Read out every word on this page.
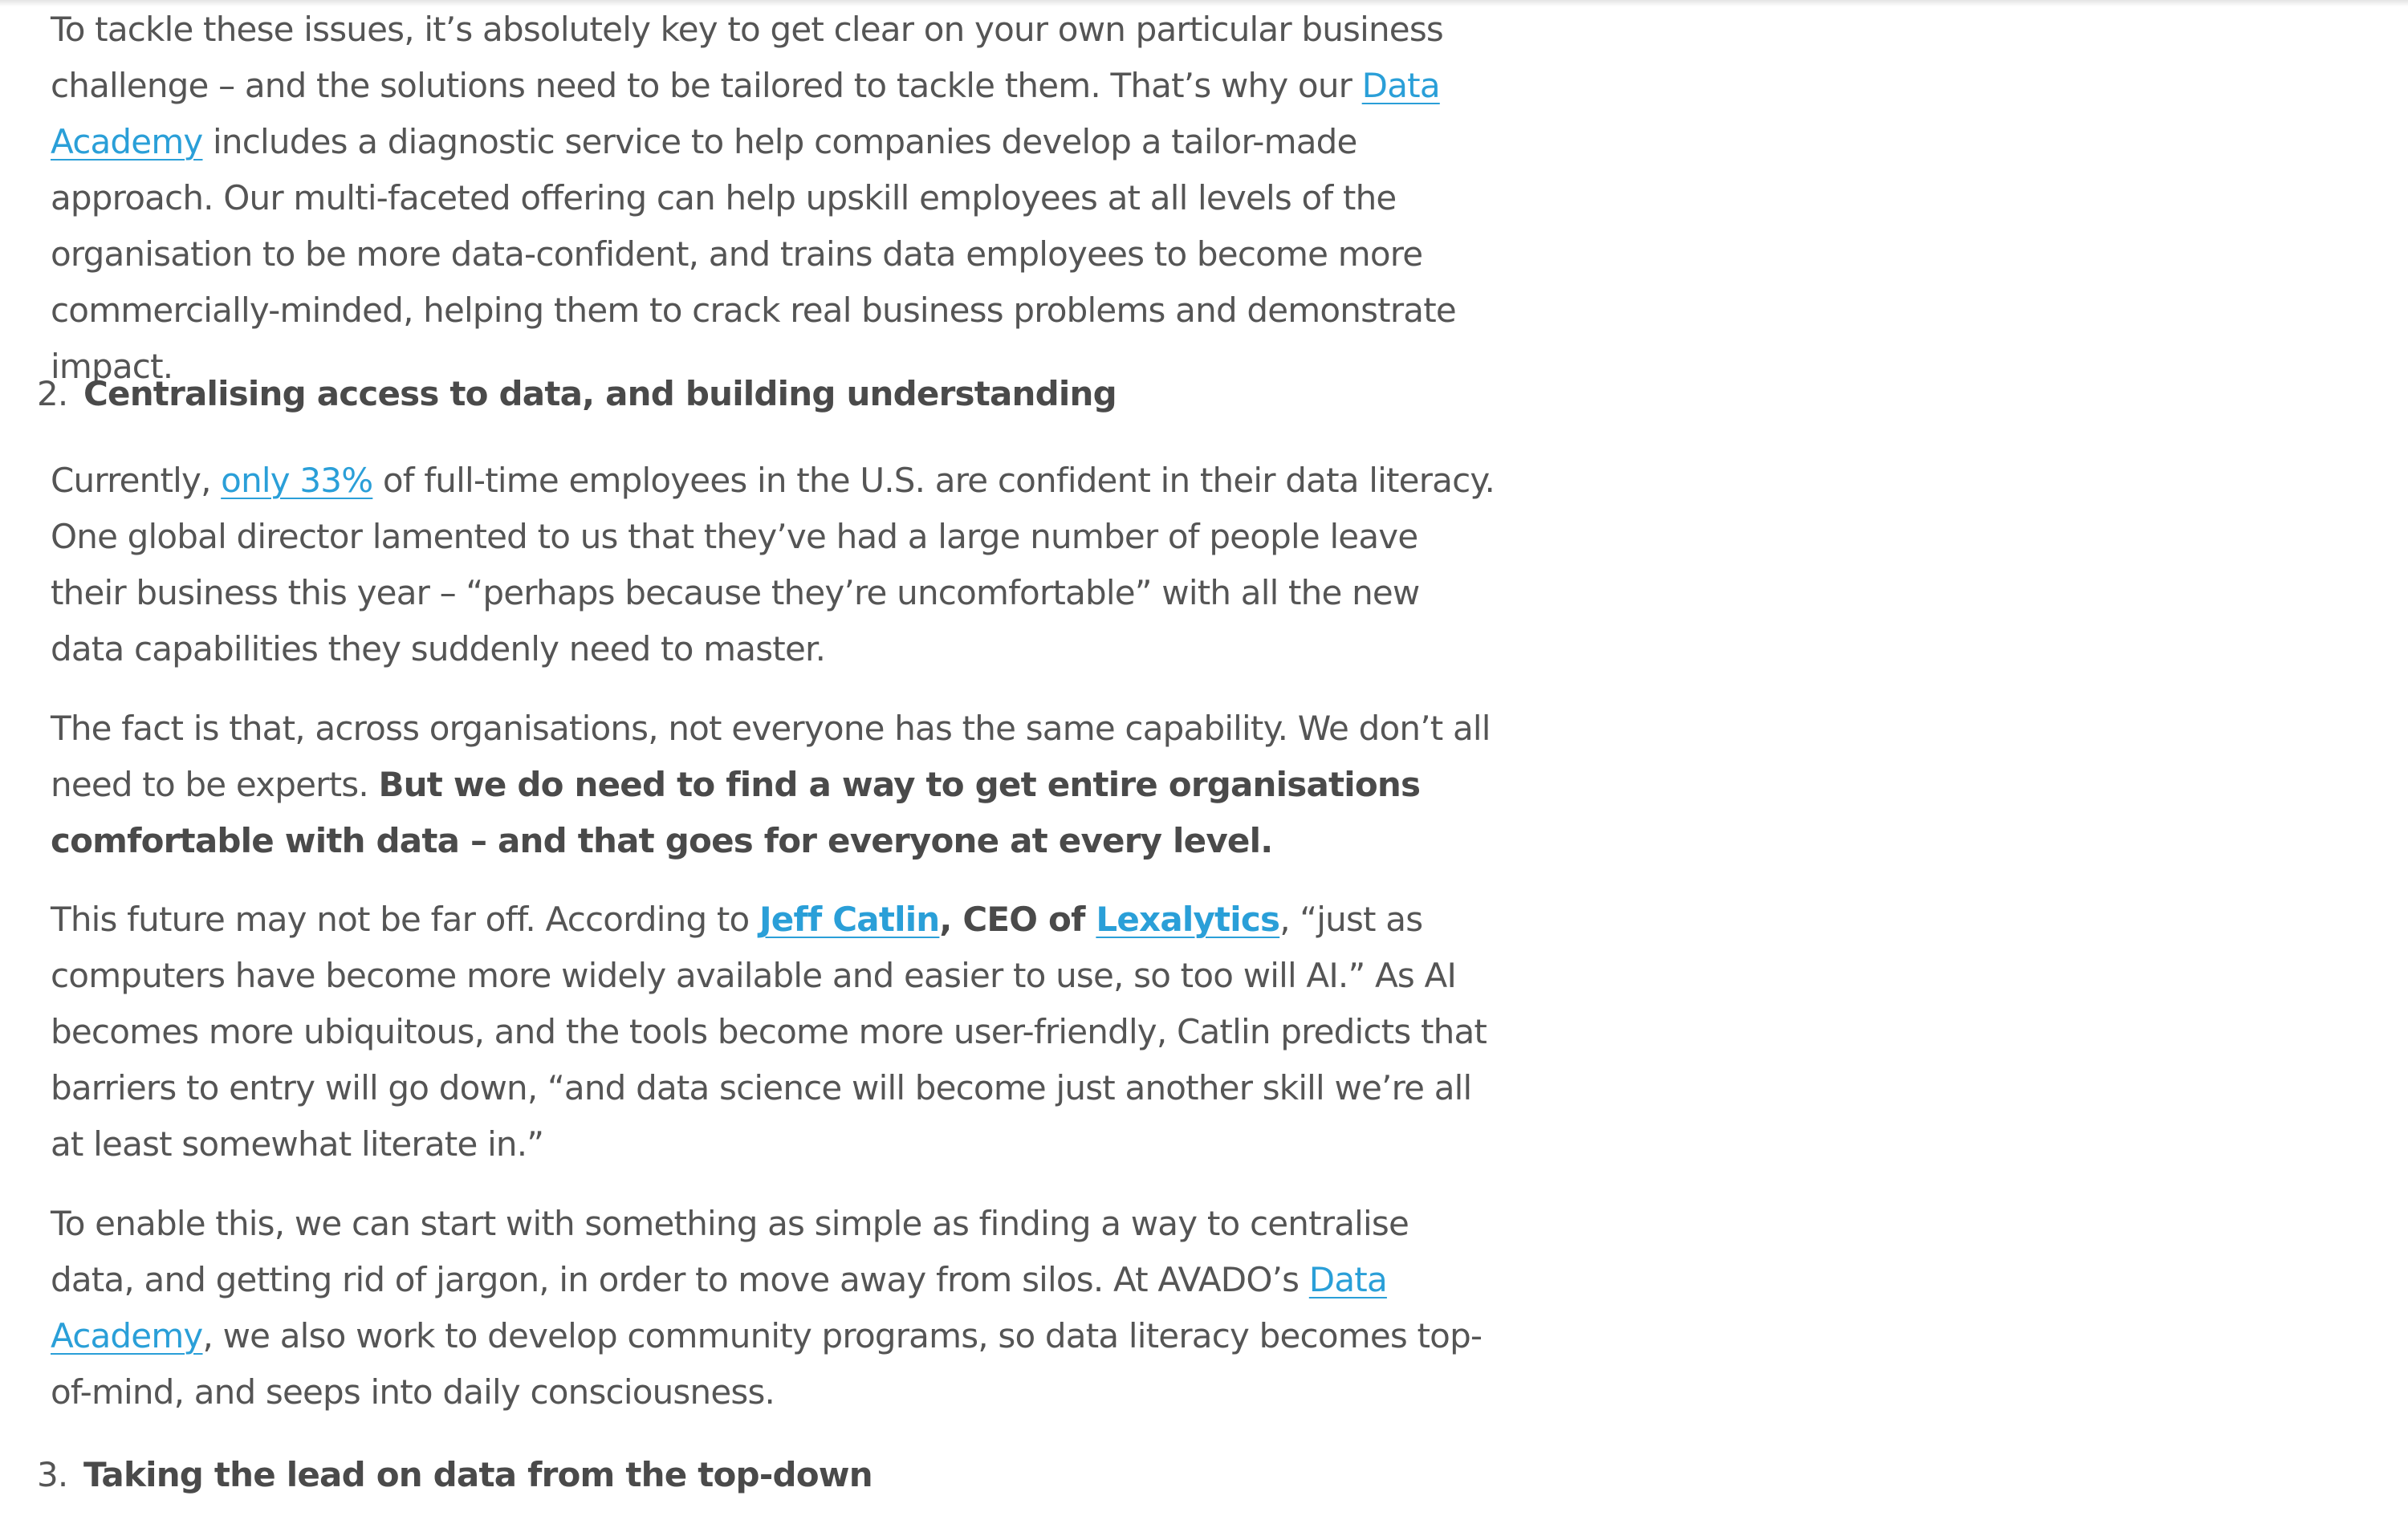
To tackle these issues, it’s absolutely key to get clear on your own particular business challenge – and the solutions need to be tailored to tackle them. That’s why our Data Academy includes a diagnostic service to help companies develop a tailor-made approach. Our multi-faceted offering can help upskill employees at all levels of the organisation to be more data-confident, and trains data employees to become more commercially-minded, helping them to crack real business problems and demonstrate impact.

2. Centralising access to data, and building understanding

Currently, only 33% of full-time employees in the U.S. are confident in their data literacy. One global director lamented to us that they’ve had a large number of people leave their business this year – “perhaps because they’re uncomfortable” with all the new data capabilities they suddenly need to master.

The fact is that, across organisations, not everyone has the same capability. We don’t all need to be experts. But we do need to find a way to get entire organisations comfortable with data – and that goes for everyone at every level.

This future may not be far off. According to Jeff Catlin, CEO of Lexalytics, “just as computers have become more widely available and easier to use, so too will AI.” As AI becomes more ubiquitous, and the tools become more user-friendly, Catlin predicts that barriers to entry will go down, “and data science will become just another skill we’re all at least somewhat literate in.”

To enable this, we can start with something as simple as finding a way to centralise data, and getting rid of jargon, in order to move away from silos. At AVADO’s Data Academy, we also work to develop community programs, so data literacy becomes top-of-mind, and seeps into daily consciousness.

3. Taking the lead on data from the top-down
